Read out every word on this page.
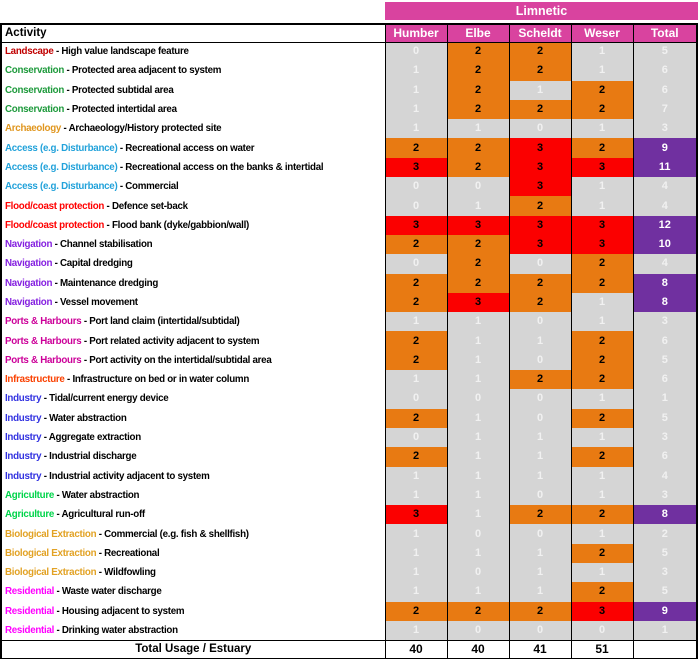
Limnetic
Activity	Humber	Elbe	Scheldt	Weser	Total
Landscape - High value landscape feature	0	2	2	1	5
Conservation - Protected area adjacent to system	1	2	2	1	6
Conservation - Protected subtidal area	1	2	1	2	6
Conservation - Protected intertidal area	1	2	2	2	7
Archaeology - Archaeology/History protected site	1	1	0	1	3
Access (e.g. Disturbance) - Recreational access on water	2	2	3	2	9
Access (e.g. Disturbance) - Recreational access on the banks & intertidal	3	2	3	3	11
Access (e.g. Disturbance) - Commercial	0	0	3	1	4
Flood/coast protection - Defence set-back	0	1	2	1	4
Flood/coast protection - Flood bank (dyke/gabbion/wall)	3	3	3	3	12
Navigation - Channel stabilisation	2	2	3	3	10
Navigation - Capital dredging	0	2	0	2	4
Navigation - Maintenance dredging	2	2	2	2	8
Navigation - Vessel movement	2	3	2	1	8
Ports & Harbours - Port land claim (intertidal/subtidal)	1	1	0	1	3
Ports & Harbours - Port related activity adjacent to system	2	1	1	2	6
Ports & Harbours - Port activity on the intertidal/subtidal area	2	1	0	2	5
Infrastructure - Infrastructure on bed or in water column	1	1	2	2	6
Industry - Tidal/current energy device	0	0	0	1	1
Industry - Water abstraction	2	1	0	2	5
Industry - Aggregate extraction	0	1	1	1	3
Industry - Industrial discharge	2	1	1	2	6
Industry - Industrial activity adjacent to system	1	1	1	1	4
Agriculture - Water abstraction	1	1	0	1	3
Agriculture - Agricultural run-off	3	1	2	2	8
Biological Extraction - Commercial (e.g. fish & shellfish)	1	0	0	1	2
Biological Extraction - Recreational	1	1	1	2	5
Biological Extraction - Wildfowling	1	0	1	1	3
Residential - Waste water discharge	1	1	1	2	5
Residential - Housing adjacent to system	2	2	2	3	9
Residential - Drinking water abstraction	1	0	0	0	1
Total Usage / Estuary	40	40	41	51	
